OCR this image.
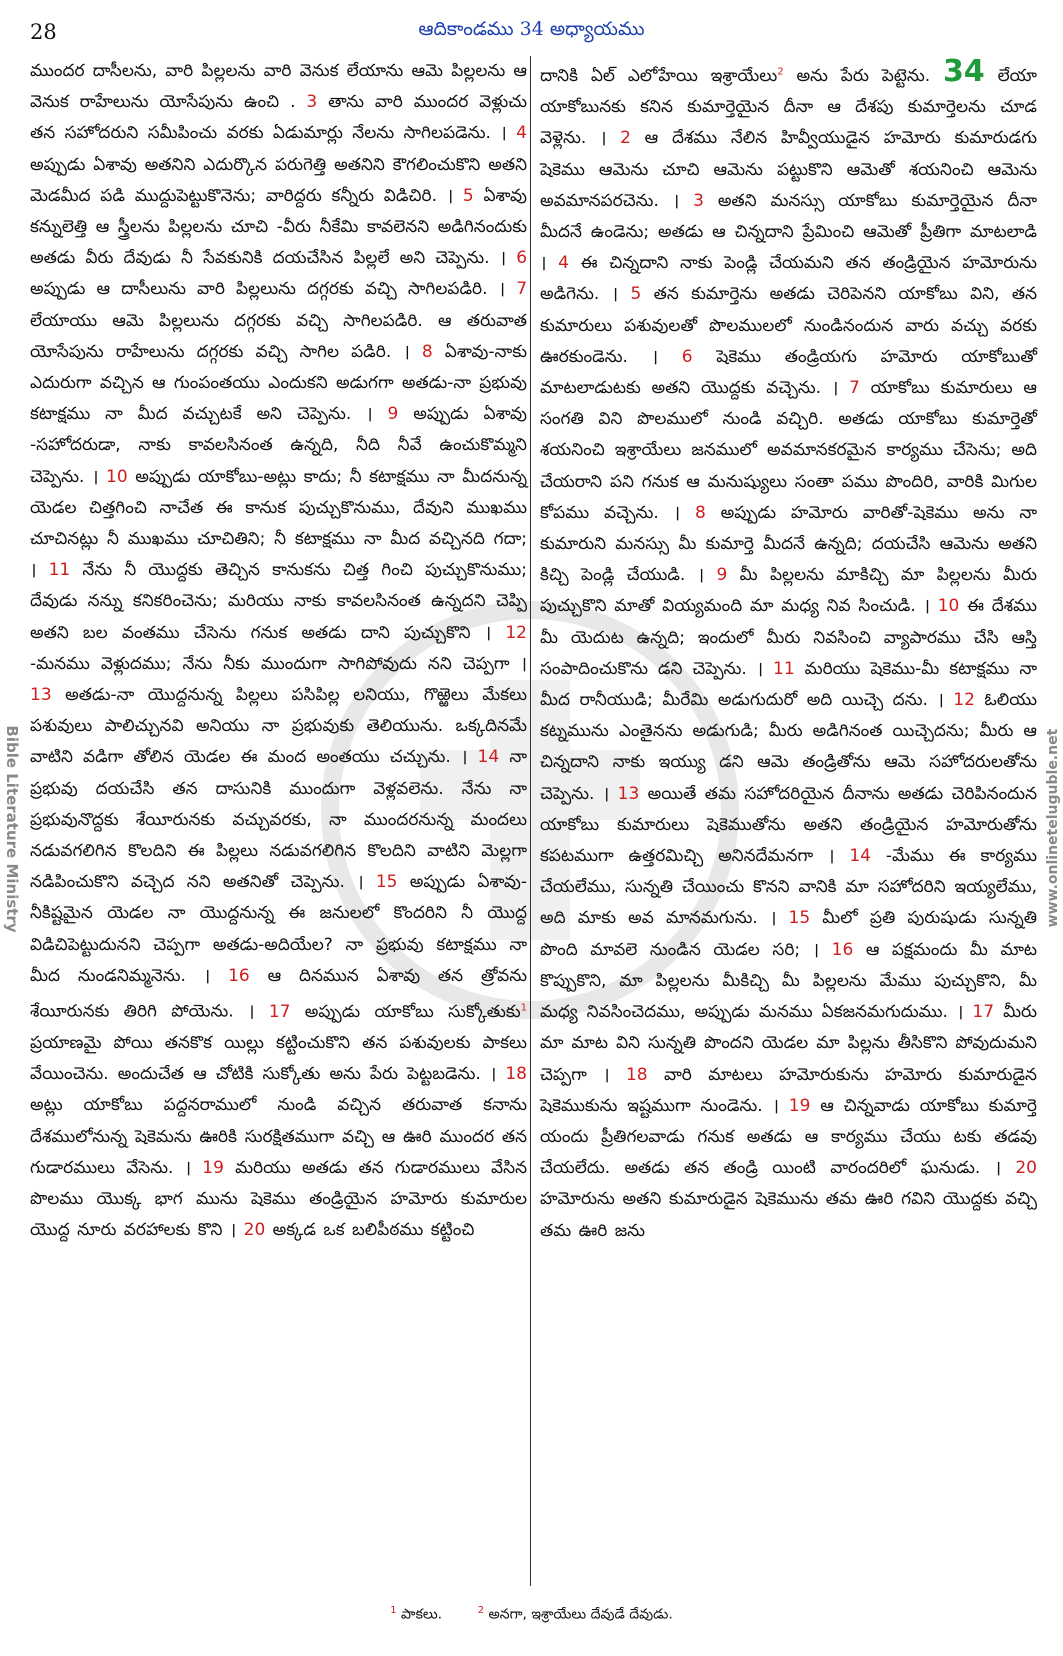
28	ఆదికాండము 34 అధ్యాయము
ముందర దాసీలను, వారి పిల్లలను వారి వెనుక లేయాను ఆమె పిల్లలను ఆ వెనుక రాహేలును యోసేపును ఉంచి . 3 తాను వారి ముందర వెళ్లుచు తన సహోదరుని సమీపించు వరకు ఏడుమార్లు నేలను సాగిలపడెను. । 4 అప్పుడు ఏశావు అతనిని ఎదుర్కొన పరుగెత్తి అతనిని కౌగలించుకొని అతని మెడమీద పడి ముద్దుపెట్టుకొనెను; వారిద్దరు కన్నీరు విడిచిరి. । 5 ఏశావు కన్నులెత్తి ఆ స్త్రీలను పిల్లలను చూచి -వీరు నీకేమి కావలెనని అడిగినందుకు అతడు వీరు దేవుడు నీ సేవకునికి దయచేసిన పిల్లలే అని చెప్పెను. । 6 అప్పుడు ఆ దాసీలును వారి పిల్లలును దగ్గరకు వచ్చి సాగిలపడిరి. । 7 లేయాయు ఆమె పిల్లలును దగ్గరకు వచ్చి సాగిలపడిరి. ఆ తరువాత యోసేపును రాహేలును దగ్గరకు వచ్చి సాగిల పడిరి. । 8 ఏశావు-నాకు ఎదురుగా వచ్చిన ఆ గుంపంతయు ఎందుకని అడుగగా అతడు-నా ప్రభువు కటాక్షము నా మీద వచ్చుటకే అని చెప్పెను. । 9 అప్పుడు ఏశావు -సహోదరుడా, నాకు కావలసినంత ఉన్నది, నీది నీవే ఉంచుకొమ్మని చెప్పెను. । 10 అప్పుడు యాకోబు-అట్లు కాదు; నీ కటాక్షము నా మీదనున్న యెడల చిత్తగించి నాచేత ఈ కానుక పుచ్చుకొనుము, దేవుని ముఖము చూచినట్లు నీ ముఖము చూచితిని; నీ కటాక్షము నా మీద వచ్చినది గదా; । 11 నేను నీ యొద్దకు తెచ్చిన కానుకను చిత్త గించి పుచ్చుకొనుము; దేవుడు నన్ను కనికరించెను; మరియు నాకు కావలసినంత ఉన్నదని చెప్పి అతని బల వంతము చేసెను గనుక అతడు దాని పుచ్చుకొని । 12 -మనము వెళ్లుదము; నేను నీకు ముందుగా సాగిపోవుదు నని చెప్పగా । 13 అతడు-నా యొద్దనున్న పిల్లలు పసిపిల్ల లనియు, గొఱ్ఱెలు మేకలు పశువులు పాలిచ్చునవి అనియు నా ప్రభువుకు తెలియును. ఒక్కదినమే వాటిని వడిగా తోలిన యెడల ఈ మంద అంతయు చచ్చును. । 14 నా ప్రభువు దయచేసి తన దాసునికి ముందుగా వెళ్లవలెను. నేను నా ప్రభువునొద్దకు శేయీరునకు వచ్చువరకు, నా ముందరనున్న మందలు నడువగలిగిన కొలదిని ఈ పిల్లలు నడువగలిగిన కొలదిని వాటిని మెల్లగా నడిపించుకొని వచ్చెద నని అతనితో చెప్పెను. । 15 అప్పుడు ఏశావు-నీకిష్టమైన యెడల నా యొద్దనున్న ఈ జనులలో కొందరిని నీ యొద్ద విడిచిపెట్టుదునని చెప్పగా అతడు-అదియేల? నా ప్రభువు కటాక్షము నా మీద నుండనిమ్మనెను. । 16 ఆ దినమున ఏశావు తన త్రోవను శేయీరునకు తిరిగి పోయెను. । 17 అప్పుడు యాకోబు సుక్కోతుకు$^1$ ప్రయాణమై పోయి తనకొక యిల్లు కట్టించుకొని తన పశువులకు పాకలు వేయించెను. అందుచేత ఆ చోటికి సుక్కోతు అను పేరు పెట్టబడెను. । 18 అట్లు యాకోబు పద్దనరాములో నుండి వచ్చిన తరువాత కనాను దేశములోనున్న షెకెమను ఊరికి సురక్షితముగా వచ్చి ఆ ఊరి ముందర తన గుడారములు వేసెను. । 19 మరియు అతడు తన గుడారములు వేసిన పొలము యొక్క భాగ మును షెకెము తండ్రియైన హమోరు కుమారుల యొద్ద నూరు వరహాలకు కొని । 20 అక్కడ ఒక బలిపీఠము కట్టించి
దానికి ఏల్ ఎలోహేయి ఇశ్రాయేలు$^2$ అను పేరు పెట్టెను. 34 లేయా యాకోబునకు కనిన కుమార్తెయైన దీనా ఆ దేశపు కుమార్తెలను చూడ వెళ్లెను. । 2 ఆ దేశము నేలిన హివ్వీయుడైన హమోరు కుమారుడగు షెకెము ఆమెను చూచి ఆమెను పట్టుకొని ఆమెతో శయనించి ఆమెను అవమానపరచెను. । 3 అతని మనస్సు యాకోబు కుమార్తెయైన దీనా మీదనే ఉండెను; అతడు ఆ చిన్నదాని ప్రేమించి ఆమెతో ప్రీతిగా మాటలాడి । 4 ఈ చిన్నదాని నాకు పెండ్లి చేయమని తన తండ్రియైన హమోరును అడిగెను. । 5 తన కుమార్తెను అతడు చెరిపెనని యాకోబు విని, తన కుమారులు పశువులతో పొలములలో నుండినందున వారు వచ్చు వరకు ఊరకుండెను. । 6 షెకెము తండ్రియగు హమోరు యాకోబుతో మాటలాడుటకు అతని యొద్దకు వచ్చెను. । 7 యాకోబు కుమారులు ఆ సంగతి విని పొలములో నుండి వచ్చిరి. అతడు యాకోబు కుమార్తెతో శయనించి ఇశ్రాయేలు జనములో అవమానకరమైన కార్యము చేసెను; అది చేయరాని పని గనుక ఆ మనుష్యులు సంతా పము పొందిరి, వారికి మిగుల కోపము వచ్చెను. । 8 అప్పుడు హమోరు వారితో-షెకెము అను నా కుమారుని మనస్సు మీ కుమార్తె మీదనే ఉన్నది; దయచేసి ఆమెను అతని కిచ్చి పెండ్లి చేయుడి. । 9 మీ పిల్లలను మాకిచ్చి మా పిల్లలను మీరు పుచ్చుకొని మాతో వియ్యమంది మా మధ్య నివ సించుడి. । 10 ఈ దేశము మీ యెదుట ఉన్నది; ఇందులో మీరు నివసించి వ్యాపారము చేసి ఆస్తి సంపాదించుకొను డని చెప్పెను. । 11 మరియు షెకెము-మీ కటాక్షము నా మీద రానీయుడి; మీరేమి అడుగుదురో అది యిచ్చె దను. । 12 ఓలియు కట్నమును ఎంతైనను అడుగుడి; మీరు అడిగినంత యిచ్చెదను; మీరు ఆ చిన్నదాని నాకు ఇయ్యు డని ఆమె తండ్రితోను ఆమె సహోదరులతోను చెప్పెను. । 13 అయితే తమ సహోదరియైన దీనాను అతడు చెరిపినందున యాకోబు కుమారులు షెకెముతోను అతని తండ్రియైన హమోరుతోను కపటముగా ఉత్తరమిచ్చి అనినదేమనగా । 14 -మేము ఈ కార్యము చేయలేము, సున్నతి చేయించు కొనని వానికి మా సహోదరిని ఇయ్యలేము, అది మాకు అవ మానమగును. । 15 మీలో ప్రతి పురుషుడు సున్నతి పొంది మావలె నుండిన యెడల సరి; । 16 ఆ పక్షమందు మీ మాట కొప్పుకొని, మా పిల్లలను మీకిచ్చి మీ పిల్లలను మేము పుచ్చుకొని, మీ మధ్య నివసించెదము, అప్పుడు మనము ఏకజనమగుదుము. । 17 మీరు మా మాట విని సున్నతి పొందని యెడల మా పిల్లను తీసికొని పోవుదుమని చెప్పగా । 18 వారి మాటలు హమోరుకును హమోరు కుమారుడైన షెకెముకును ఇష్టముగా నుండెను. । 19 ఆ చిన్నవాడు యాకోబు కుమార్తె యందు ప్రీతిగలవాడు గనుక అతడు ఆ కార్యము చేయు టకు తడవు చేయలేదు. అతడు తన తండ్రి యింటి వారందరిలో ఘనుడు. । 20 హమోరును అతని కుమారుడైన షెకెమును తమ ఊరి గవిని యొద్దకు వచ్చి తమ ఊరి జను
Bible Literature Ministry	www.onlineteluguble.net
$^1$ పాకలు.	$^2$ అనగా, ఇశ్రాయేలు దేవుడే దేవుడు.
